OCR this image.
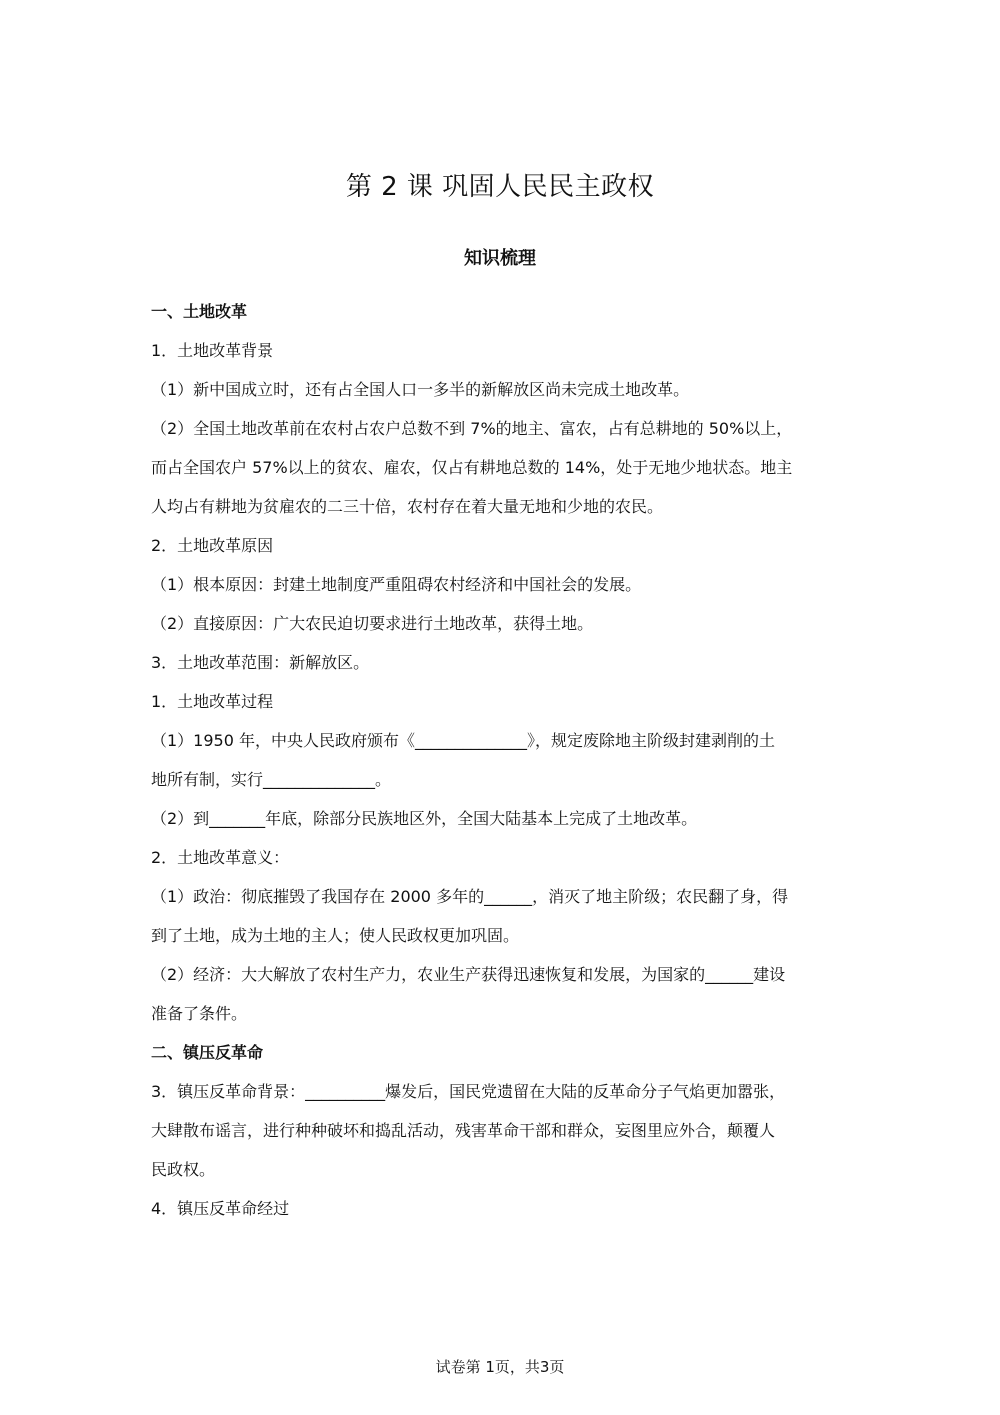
第 2 课 巩固人民民主政权
知识梳理
一、土地改革
1．土地改革背景
（1）新中国成立时，还有占全国人口一多半的新解放区尚未完成土地改革。
（2）全国土地改革前在农村占农户总数不到 7%的地主、富农，占有总耕地的 50%以上，
而占全国农户 57%以上的贫农、雇农，仅占有耕地总数的 14%，处于无地少地状态。地主
人均占有耕地为贫雇农的二三十倍，农村存在着大量无地和少地的农民。
2．土地改革原因
（1）根本原因：封建土地制度严重阻碍农村经济和中国社会的发展。
（2）直接原因：广大农民迫切要求进行土地改革，获得土地。
3．土地改革范围：新解放区。
1．土地改革过程
（1）1950 年，中央人民政府颁布《______________》，规定废除地主阶级封建剥削的土
地所有制，实行______________。
（2）到_______年底，除部分民族地区外，全国大陆基本上完成了土地改革。
2．土地改革意义：
（1）政治：彻底摧毁了我国存在 2000 多年的______，消灭了地主阶级；农民翻了身，得
到了土地，成为土地的主人；使人民政权更加巩固。
（2）经济：大大解放了农村生产力，农业生产获得迅速恢复和发展，为国家的______建设
准备了条件。
二、镇压反革命
3．镇压反革命背景：__________爆发后，国民党遗留在大陆的反革命分子气焰更加嚣张，
大肆散布谣言，进行种种破坏和捣乱活动，残害革命干部和群众，妄图里应外合，颠覆人
民政权。
4．镇压反革命经过
试卷第 1页，共3页
